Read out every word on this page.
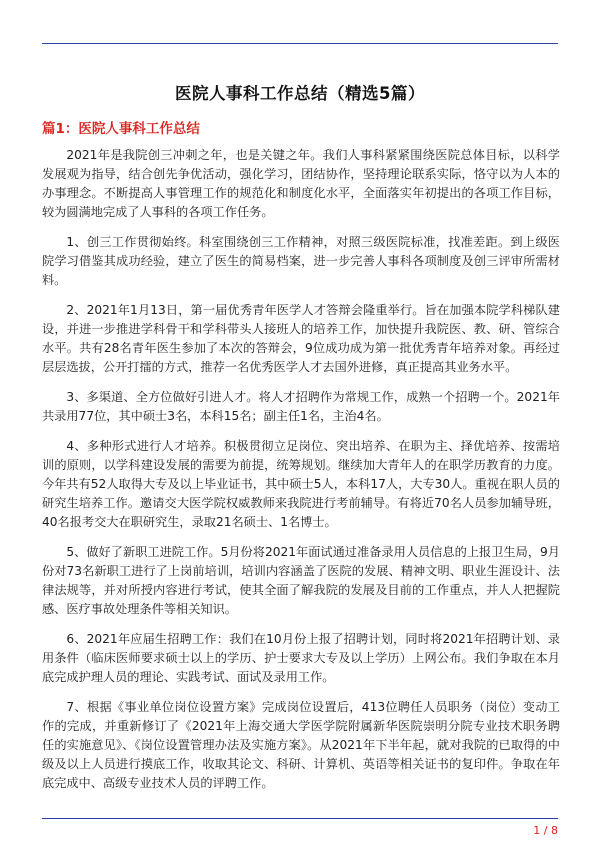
医院人事科工作总结（精选5篇）
篇1：医院人事科工作总结

2021年是我院创三冲刺之年，也是关键之年。我们人事科紧紧围绕医院总体目标，以科学发展观为指导，结合创先争优活动，强化学习，团结协作，坚持理论联系实际，恪守以为人本的办事理念。不断提高人事管理工作的规范化和制度化水平，全面落实年初提出的各项工作目标，较为圆满地完成了人事科的各项工作任务。

1、创三工作贯彻始终。科室围绕创三工作精神，对照三级医院标准，找准差距。到上级医院学习借鉴其成功经验，建立了医生的简易档案，进一步完善人事科各项制度及创三评审所需材料。

2、2021年1月13日，第一届优秀青年医学人才答辩会隆重举行。旨在加强本院学科梯队建设，并进一步推进学科骨干和学科带头人接班人的培养工作，加快提升我院医、教、研、管综合水平。共有28名青年医生参加了本次的答辩会，9位成功成为第一批优秀青年培养对象。再经过层层选拔，公开打擂的方式，推荐一名优秀医学人才去国外进修，真正提高其业务水平。

3、多渠道、全方位做好引进人才。将人才招聘作为常规工作，成熟一个招聘一个。2021年共录用77位，其中硕士3名，本科15名；副主任1名，主治4名。

4、多种形式进行人才培养。积极贯彻立足岗位、突出培养、在职为主、择优培养、按需培训的原则，以学科建设发展的需要为前提，统筹规划。继续加大青年人的在职学历教育的力度。今年共有52人取得大专及以上毕业证书，其中硕士5人，本科17人，大专30人。重视在职人员的研究生培养工作。邀请交大医学院权威教师来我院进行考前辅导。有将近70名人员参加辅导班，40名报考交大在职研究生，录取21名硕士、1名博士。

5、做好了新职工进院工作。5月份将2021年面试通过准备录用人员信息的上报卫生局，9月份对73名新职工进行了上岗前培训，培训内容涵盖了医院的发展、精神文明、职业生涯设计、法律法规等，并对所授内容进行考试，使其全面了解我院的发展及目前的工作重点，并人人把握院感、医疗事故处理条件等相关知识。

6、2021年应届生招聘工作：我们在10月份上报了招聘计划，同时将2021年招聘计划、录用条件（临床医师要求硕士以上的学历、护士要求大专及以上学历）上网公布。我们争取在本月底完成护理人员的理论、实践考试、面试及录用工作。

7、根据《事业单位岗位设置方案》完成岗位设置后，413位聘任人员职务（岗位）变动工作的完成，并重新修订了《2021年上海交通大学医学院附属新华医院崇明分院专业技术职务聘任的实施意见》、《岗位设置管理办法及实施方案》。从2021年下半年起，就对我院的已取得的中级及以上人员进行摸底工作，收取其论文、科研、计算机、英语等相关证书的复印件。争取在年底完成中、高级专业技术人员的评聘工作。

1 / 8
